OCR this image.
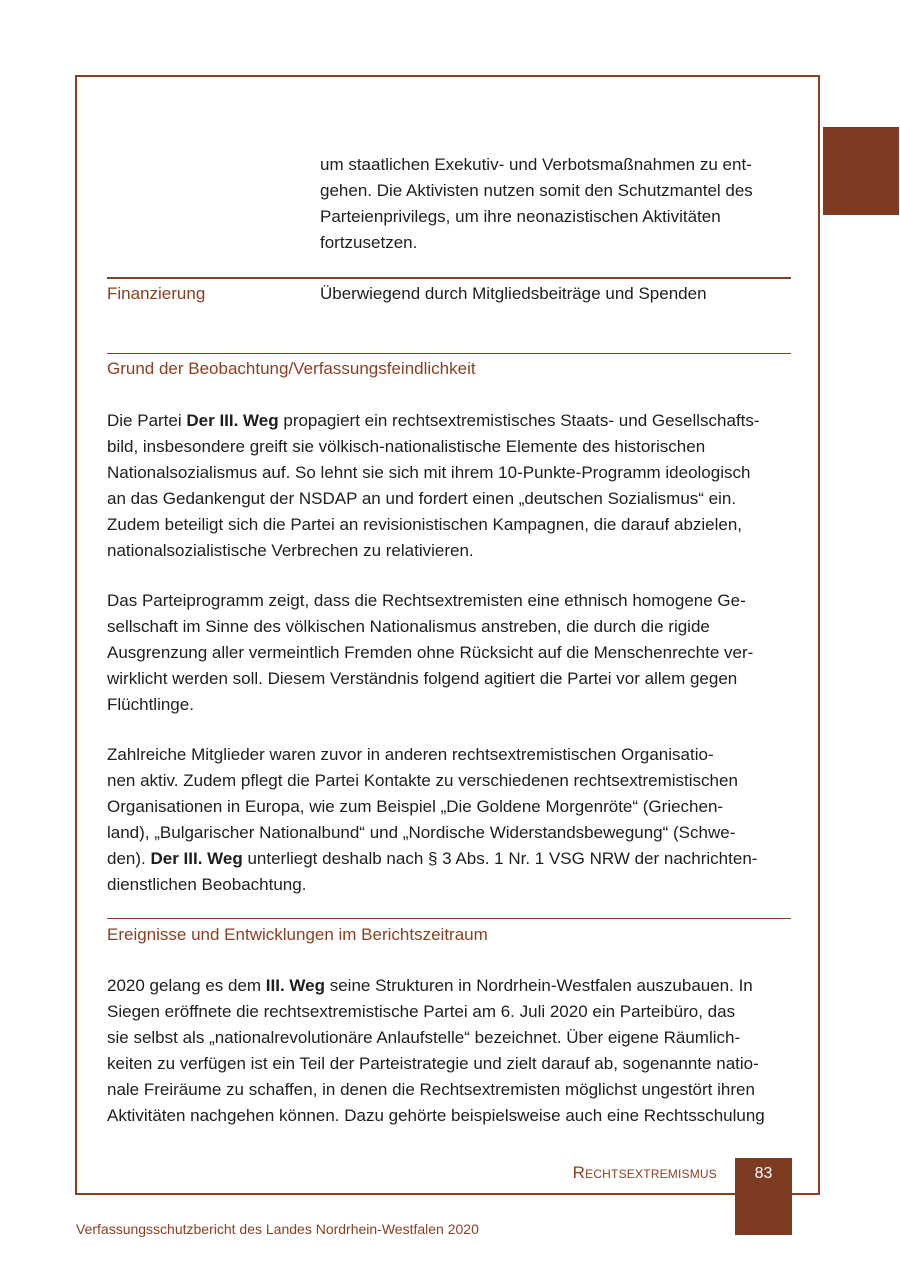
um staatlichen Exekutiv- und Verbotsmaßnahmen zu ent-
gehen. Die Aktivisten nutzen somit den Schutzmantel des
Parteienprivilegs, um ihre neonazistischen Aktivitäten
fortzusetzen.
Finanzierung	Überwiegend durch Mitgliedsbeiträge und Spenden
Grund der Beobachtung/Verfassungsfeindlichkeit
Die Partei Der III. Weg propagiert ein rechtsextremistisches Staats- und Gesellschafts-
bild, insbesondere greift sie völkisch-nationalistische Elemente des historischen
Nationalsozialismus auf. So lehnt sie sich mit ihrem 10-Punkte-Programm ideologisch
an das Gedankengut der NSDAP an und fordert einen „deutschen Sozialismus“ ein.
Zudem beteiligt sich die Partei an revisionistischen Kampagnen, die darauf abzielen,
nationalsozialistische Verbrechen zu relativieren.
Das Parteiprogramm zeigt, dass die Rechtsextremisten eine ethnisch homogene Ge-
sellschaft im Sinne des völkischen Nationalismus anstreben, die durch die rigide
Ausgrenzung aller vermeintlich Fremden ohne Rücksicht auf die Menschenrechte ver-
wirklicht werden soll. Diesem Verständnis folgend agitiert die Partei vor allem gegen
Flüchtlinge.
Zahlreiche Mitglieder waren zuvor in anderen rechtsextremistischen Organisatio-
nen aktiv. Zudem pflegt die Partei Kontakte zu verschiedenen rechtsextremistischen
Organisationen in Europa, wie zum Beispiel „Die Goldene Morgenröte“ (Griechen-
land), „Bulgarischer Nationalbund“ und „Nordische Widerstandsbewegung“ (Schwe-
den). Der III. Weg unterliegt deshalb nach § 3 Abs. 1 Nr. 1 VSG NRW der nachrichten-
dienstlichen Beobachtung.
Ereignisse und Entwicklungen im Berichtszeitraum
2020 gelang es dem III. Weg seine Strukturen in Nordrhein-Westfalen auszubauen. In
Siegen eröffnete die rechtsextremistische Partei am 6. Juli 2020 ein Parteibüro, das
sie selbst als „nationalrevolutionäre Anlaufstelle“ bezeichnet. Über eigene Räumlich-
keiten zu verfügen ist ein Teil der Parteistrategie und zielt darauf ab, sogenannte natio-
nale Freiräume zu schaffen, in denen die Rechtsextremisten möglichst ungestört ihren
Aktivitäten nachgehen können. Dazu gehörte beispielsweise auch eine Rechtsschulung
Rechtsextremismus	83
Verfassungsschutzbericht des Landes Nordrhein-Westfalen 2020
